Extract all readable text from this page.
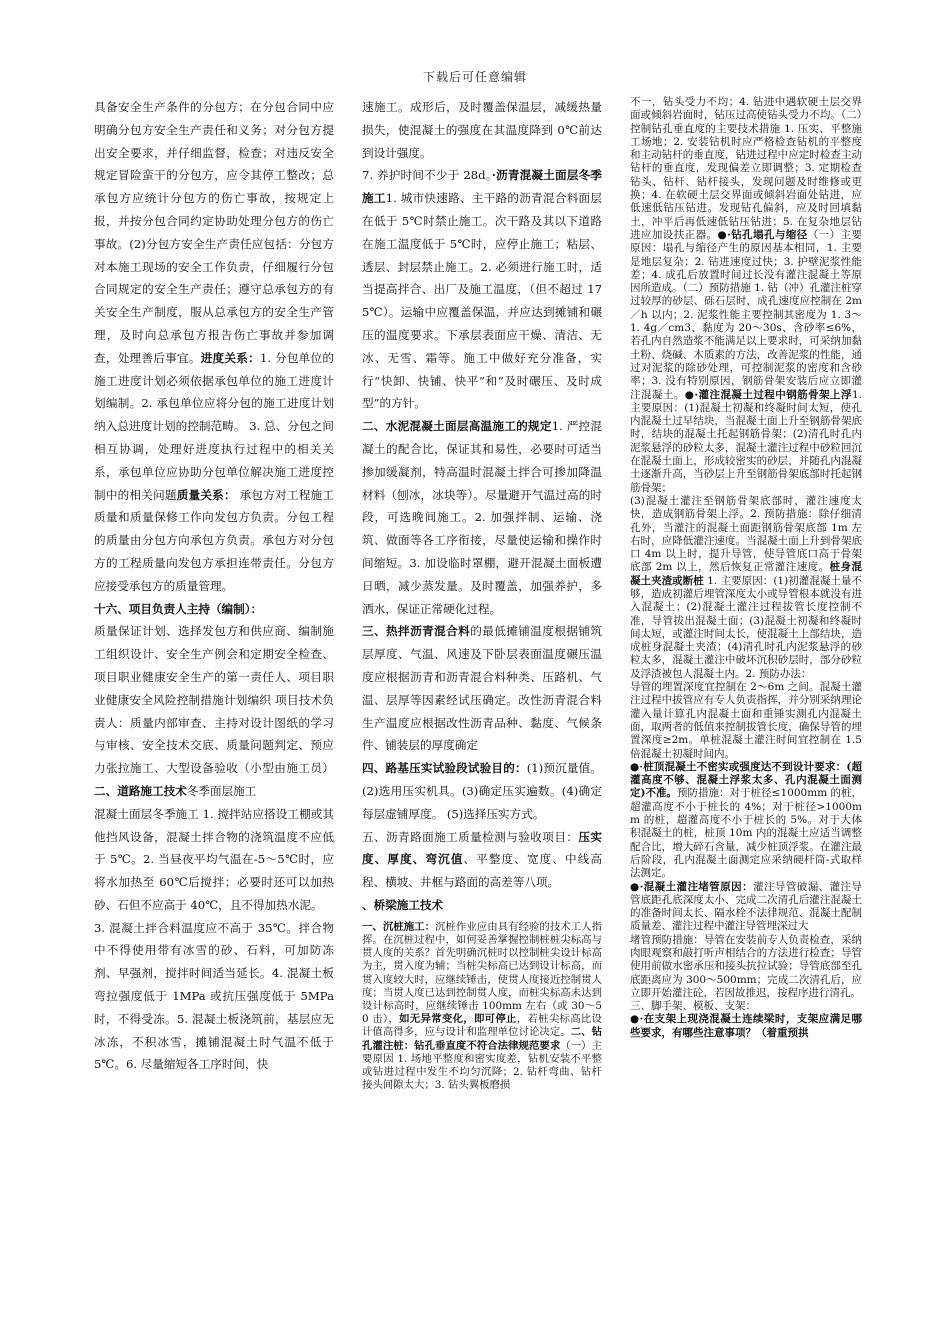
下载后可任意编辑
具备安全生产条件的分包方；在分包合同中应明确分包方安全生产责任和义务；对分包方提出安全要求，并仔细监督，检查；对违反安全规定冒险蛮干的分包方，应令其停工整改；总承包方应统计分包方的伤亡事故，按规定上报，并按分包合同约定协助处理分包方的伤亡事故。(2)分包方安全生产责任应包括：分包方对本施工现场的安全工作负责，仔细履行分包合同规定的安全生产责任；遵守总承包方的有关安全生产制度，服从总承包方的安全生产管理，及时向总承包方报告伤亡事故并参加调查，处理善后事宜。进度关系：1. 分包单位的施工进度计划必须依据承包单位的施工进度计划编制。2. 承包单位应将分包的施工进度计划纳入总进度计划的控制范畴。 3. 总、分包之间相互协调，处理好进度执行过程中的相关关系，承包单位应协助分包单位解决施工进度控制中的相关问题质量关系： 承包方对工程施工质量和质量保修工作向发包方负责。分包工程的质量由分包方向承包方负责。承包方对分包方的工程质量向发包方承担连带责任。分包方应接受承包方的质量管理。
十六、项目负责人主持（编制）：
质量保证计划、选择发包方和供应商、编制施工组织设计、安全生产例会和定期安全检查、项目职业健康安全生产的第一责任人、项目职业健康安全风险控制措施计划编织 项目技术负责人：质量内部审查、主持对设计图纸的学习与审核、安全技术交底、质量问题判定、预应力张拉施工、大型设备验收（小型由施工员）二、道路施工技术冬季面层施工
混凝土面层冬季施工 1. 搅拌站应搭设工棚或其他挡风设备，混凝土拌合物的浇筑温度不应低于 5℃。2. 当昼夜平均气温在-5～5℃时，应将水加热至 60℃后搅拌；必要时还可以加热砂、石但不应高于 40℃，且不得加热水泥。
3. 混凝土拌合料温度应不高于 35℃。拌合物中不得使用带有冰雪的砂、石料，可加防冻剂、早强剂，搅拌时间适当延长。4. 混凝土板弯拉强度低于 1MPa 或抗压强度低于 5MPa 时，不得受冻。5. 混凝土板浇筑前，基层应无冰冻，不积冰雪，摊铺混凝土时气温不低于 5℃。6. 尽量缩短各工序时间，快
速施工。成形后，及时覆盖保温层，减缓热量损失，使混凝土的强度在其温度降到 0℃前达到设计强度。
7. 养护时间不少于 28d。·沥青混凝土面层冬季施工1. 城市快速路、主干路的沥青混合料面层在低于 5℃时禁止施工。次干路及其以下道路在施工温度低于 5℃时，应停止施工；粘层、透层、封层禁止施工。2. 必须进行施工时，适当提高拌合、出厂及施工温度，（但不超过 175℃）。运输中应覆盖保温，并应达到摊铺和碾压的温度要求。下承层表面应干燥、清洁、无冰、无雪、霜等。施工中做好充分准备，实行“快卸、快铺、快平”和“及时碾压、及时成型”的方针。
二、水泥混凝土面层高温施工的规定1. 严控混凝土的配合比，保证其和易性，必要时可适当掺加缓凝剂，特高温时混凝土拌合可掺加降温材料（刨冰，冰块等）。尽量避开气温过高的时段，可选晚间施工。2. 加强拌制、运输、浇筑、做面等各工序衔接，尽量使运输和操作时间缩短。3. 加设临时罩棚，避开混凝土面板遭日晒，减少蒸发量。及时覆盖，加强养护，多洒水，保证正常硬化过程。
三、热拌沥青混合料的最低摊铺温度根据铺筑层厚度、气温、风速及下卧层表面温度碾压温度应根据沥青和沥青混合料种类、压路机、气温、层厚等因素经试压确定。改性沥青混合料生产温度应根据改性沥青品种、黏度、气候条件、铺装层的厚度确定
四、路基压实试验段试验目的：(1)预沉量值。(2)选用压实机具。(3)确定压实遍数。(4)确定每层虚铺厚度。 (5)选择压实方式。
五、沥青路面施工质量检测与验收项目：压实度、厚度、弯沉值、平整度、宽度、中线高程、横坡、井框与路面的高差等八项。
、桥梁施工技术
一、沉桩施工：沉桩作业应由具有经验的技术工人指挥。在沉桩过程中，如何妥善掌握控制桩桩尖标高与贯人度的关系？首先明确沉桩时以控制桩尖设计标高为主，贯入度为辅；当桩尖标高已达到设计标高，而贯入度较大时，应继续锤击，使贯人度接近控制贯人度；当贯人度已达到控制贯人度，而桩尖标高未达到设计标高时，应继续锤击 100mm 左右（或 30～50 击），如无异常变化，即可停止，若桩尖标高比设计值高得多，应与设计和监理单位讨论决定。二、钻孔灌注桩：钻孔垂直度不符合法律规范要求（一）主要原因 1. 场地平整度和密实度差，钻机安装不平整或钻进过程中发生不均匀沉降；2. 钻杆弯曲、钻杆接头间隙太大；3. 钻头翼板磨损
不一，钻头受力不均；4. 钻进中遇软硬土层交界面或倾斜岩面时，钻压过高使钻头受力不均。（二）控制钻孔垂直度的主要技术措施 1. 压实、平整施工场地；2. 安装钻机时应严格检查钻机的平整度和主动钻杆的垂直度，钻进过程中应定时检查主动钻杆的垂直度，发现偏差立即调整；3. 定期检查钻头、钻杆、钻杆接头，发现问题及时维修或更换；4. 在软硬土层交界面或倾斜岩面处钻进，应低速低钻压钻进。发现钻孔偏斜，应及时回填黏土，冲平后再低速低钻压钻进；5. 在复杂地层钻进应加设扶正器。●·钻孔塌孔与缩径（一）主要原因：塌孔与缩径产生的原因基本相同，1. 主要是地层复杂；2. 钻进速度过快；3. 护壁泥浆性能差；4. 成孔后放置时间过长没有灌注混凝土等原因所造成。（二）预防措施 1. 钻（冲）孔灌注桩穿过较厚的砂层、砾石层时，成孔速度应控制在 2m／h 以内；2. 泥浆性能主要控制其密度为 1. 3～1. 4g／cm3、黏度为 20～30s、含砂率≤6%，若孔内自然造浆不能满足以上要求时，可采纳加黏土粉、烧碱、木质素的方法，改善泥浆的性能，通过对泥浆的除砂处理，可控制泥浆的密度和含砂率；3. 没有特别原因，钢筋骨架安装后应立即灌注混凝土。●·灌注混凝土过程中钢筋骨架上浮1. 主要原因：(1)混凝土初凝和终凝时间太短，使孔内混凝土过早结块，当混凝土面上升至钢筋骨架底时，结块的混凝土托起钢筋骨架；(2)清孔时孔内泥浆悬浮的砂粒太多，混凝土灌注过程中砂粒回沉在混凝土面上，形成较密实的砂层，并随孔内混凝土逐渐升高，当砂层上升至钢筋骨架底部时托起钢筋骨架；
(3)混凝土灌注至钢筋骨架底部时，灌注速度太快，造成钢筋骨架上浮。2. 预防措施：除仔细清孔外，当灌注的混凝土面距钢筋骨架底部 1m 左右时，应降低灌注速度。当混凝土面上升到骨架底口 4m 以上时，提升导管，使导管底口高于骨架底部 2m 以上，然后恢复正常灌注速度。桩身混凝土夹渣或断桩 1. 主要原因：(1)初灌混凝土量不够，造成初灌后埋管深度太小或导管根本就没有进入混凝土；(2)混凝土灌注过程拔管长度控制不准，导管拔出混凝土面；(3)混凝土初凝和终凝时间太短，或灌注时间太长，使混凝土上部结块，造成桩身混凝土夹渣；(4)清孔时孔内泥浆悬浮的砂粒太多，混凝土灌注中破坏沉积砂层时，部分砂粒及浮渣被包人混凝土内。2. 预防办法：
导管的埋置深度宜控制在 2～6m 之间。混凝土灌注过程中拔管应有专人负责指挥，并分别采纳理论灌入量计算孔内混凝土面和重锤实测孔内混凝土面，取两者的低值来控制拔管长度，确保导管的埋置深度≥2m。单桩混凝土灌注时间宜控制在 1.5 倍混凝土初凝时间内。
●·桩顶混凝土不密实或强度达不到设计要求：(超灌高度不够、混凝土浮浆太多、孔内混凝土面测定)不准。预防措施：对于桩径≤1000mm 的桩，超灌高度不小于桩长的 4%；对于桩径>1000mm 的桩，超灌高度不小于桩长的 5%。对于大体积混凝土的桩，桩顶 10m 内的混凝土应适当调整配合比，增大碎石含量，减少桩顶浮浆。在灌注最后阶段，孔内混凝土面测定应采纳硬杆筒-式取样法测定。
●·混凝土灌注堵管原因：灌注导管破漏、灌注导管底距孔底深度太小、完成二次清孔后灌注混凝土的准备时间太长、隔水栓不法律规范、混凝土配制质量差、灌注过程中灌注导管埋深过大
堵管预防措施：导管在安装前专人负责检查，采纳肉眼观察和敲打听声相结合的方法进行检查；导管使用前做水密承压和接头抗拉试验；导管底部至孔底距离应为 300～500mm；完成二次清孔后，应立即开始灌注砼，若因故推迟，按程序进行清孔。
三、脚手架、模板、支架：
●·在支架上现浇混凝土连续梁时，支架应满足哪些要求，有哪些注意事项？（着重预拱
